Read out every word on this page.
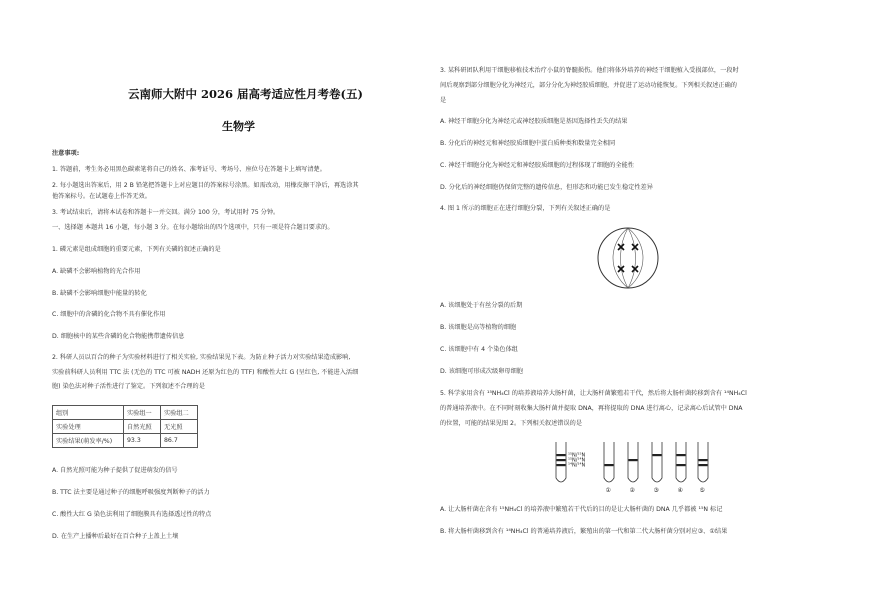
云南师大附中 2026 届高考适应性月考卷(五)
生物学
注意事项:
1. 答题前，考生务必用黑色碳素笔将自己的姓名、准考证号、考场号、座位号在答题卡上填写清楚。
2. 每小题选出答案后，用 2 B 铅笔把答题卡上对应题目的答案标号涂黑。如需改动，用橡皮擦干净后，再选涂其
他答案标号。在试题卷上作答无效。
3. 考试结束后，请将本试卷和答题卡一并交回。满分 100 分，考试用时 75 分钟。
一、选择题 本题共 16 小题，每小题 3 分。在每小题给出的四个选项中，只有一项是符合题目要求的。
1. 磷元素是组成细胞的重要元素，下列有关磷的叙述正确的是
A. 缺磷不会影响植物的光合作用
B. 缺磷不会影响细胞中能量的转化
C. 细胞中的含磷的化合物不具有催化作用
D. 细胞核中的某些含磷的化合物能携带遗传信息
2. 科研人员以百合的种子为实验材料进行了相关实验, 实验结果见下表。为防止种子活力对实验结果造成影响,
实验前科研人员利用 TTC 法 (无色的 TTC 可被 NADH 还原为红色的 TTF) 和酸性大红 G (呈红色, 不能进入活细
胞) 染色法对种子活性进行了鉴定。下列叙述不合理的是
组别	实验组一	实验组二
实验处理	自然光照	无光照
实验结果(萌发率/%)	93.3	86.7
A. 自然光照可能为种子提供了促进萌发的信号
B. TTC 法主要是通过种子的细胞呼吸强度判断种子的活力
C. 酸性大红 G 染色法利用了细胞膜具有选择透过性的特点
D. 在生产上播种后最好在百合种子上盖上土壤
3. 某科研团队利用干细胞移植技术治疗小鼠的脊髓损伤。他们将体外培养的神经干细胞植入受损部位，一段时
间后观察到部分细胞分化为神经元，部分分化为神经胶质细胞，并促进了运动功能恢复。下列相关叙述正确的
是
A. 神经干细胞分化为神经元或神经胶质细胞是基因选择性丢失的结果
B. 分化后的神经元和神经胶质细胞中蛋白质种类和数量完全相同
C. 神经干细胞分化为神经元和神经胶质细胞的过程体现了细胞的全能性
D. 分化后的神经细胞仍保留完整的遗传信息，但形态和功能已发生稳定性差异
4. 图 1 所示的细胞正在进行细胞分裂，下列有关叙述正确的是
A. 该细胞处于有丝分裂的后期
B. 该细胞是高等植物的细胞
C. 该细胞中有 4 个染色体组
D. 该细胞可形成次级卵母细胞
5. 科学家用含有 ¹⁵NH₄Cl 的培养液培养大肠杆菌，让大肠杆菌繁殖若干代，然后将大肠杆菌转移到含有 ¹⁴NH₄Cl
的普通培养液中。在不同时刻收集大肠杆菌并提取 DNA，再将提取的 DNA 进行离心，记录离心后试管中 DNA
的位置，可能的结果见图 2。下列相关叙述错误的是
¹⁵N/¹⁵N
¹⁵N/¹⁴N
¹⁴N/¹⁴N
①	②	③	④	⑤
A. 让大肠杆菌在含有 ¹⁵NH₄Cl 的培养液中繁殖若干代后的目的是让大肠杆菌的 DNA 几乎都被 ¹⁵N 标记
B. 将大肠杆菌移到含有 ¹⁴NH₄Cl 的普通培养液后，繁殖出的第一代和第二代大肠杆菌分别对应③、①结果
